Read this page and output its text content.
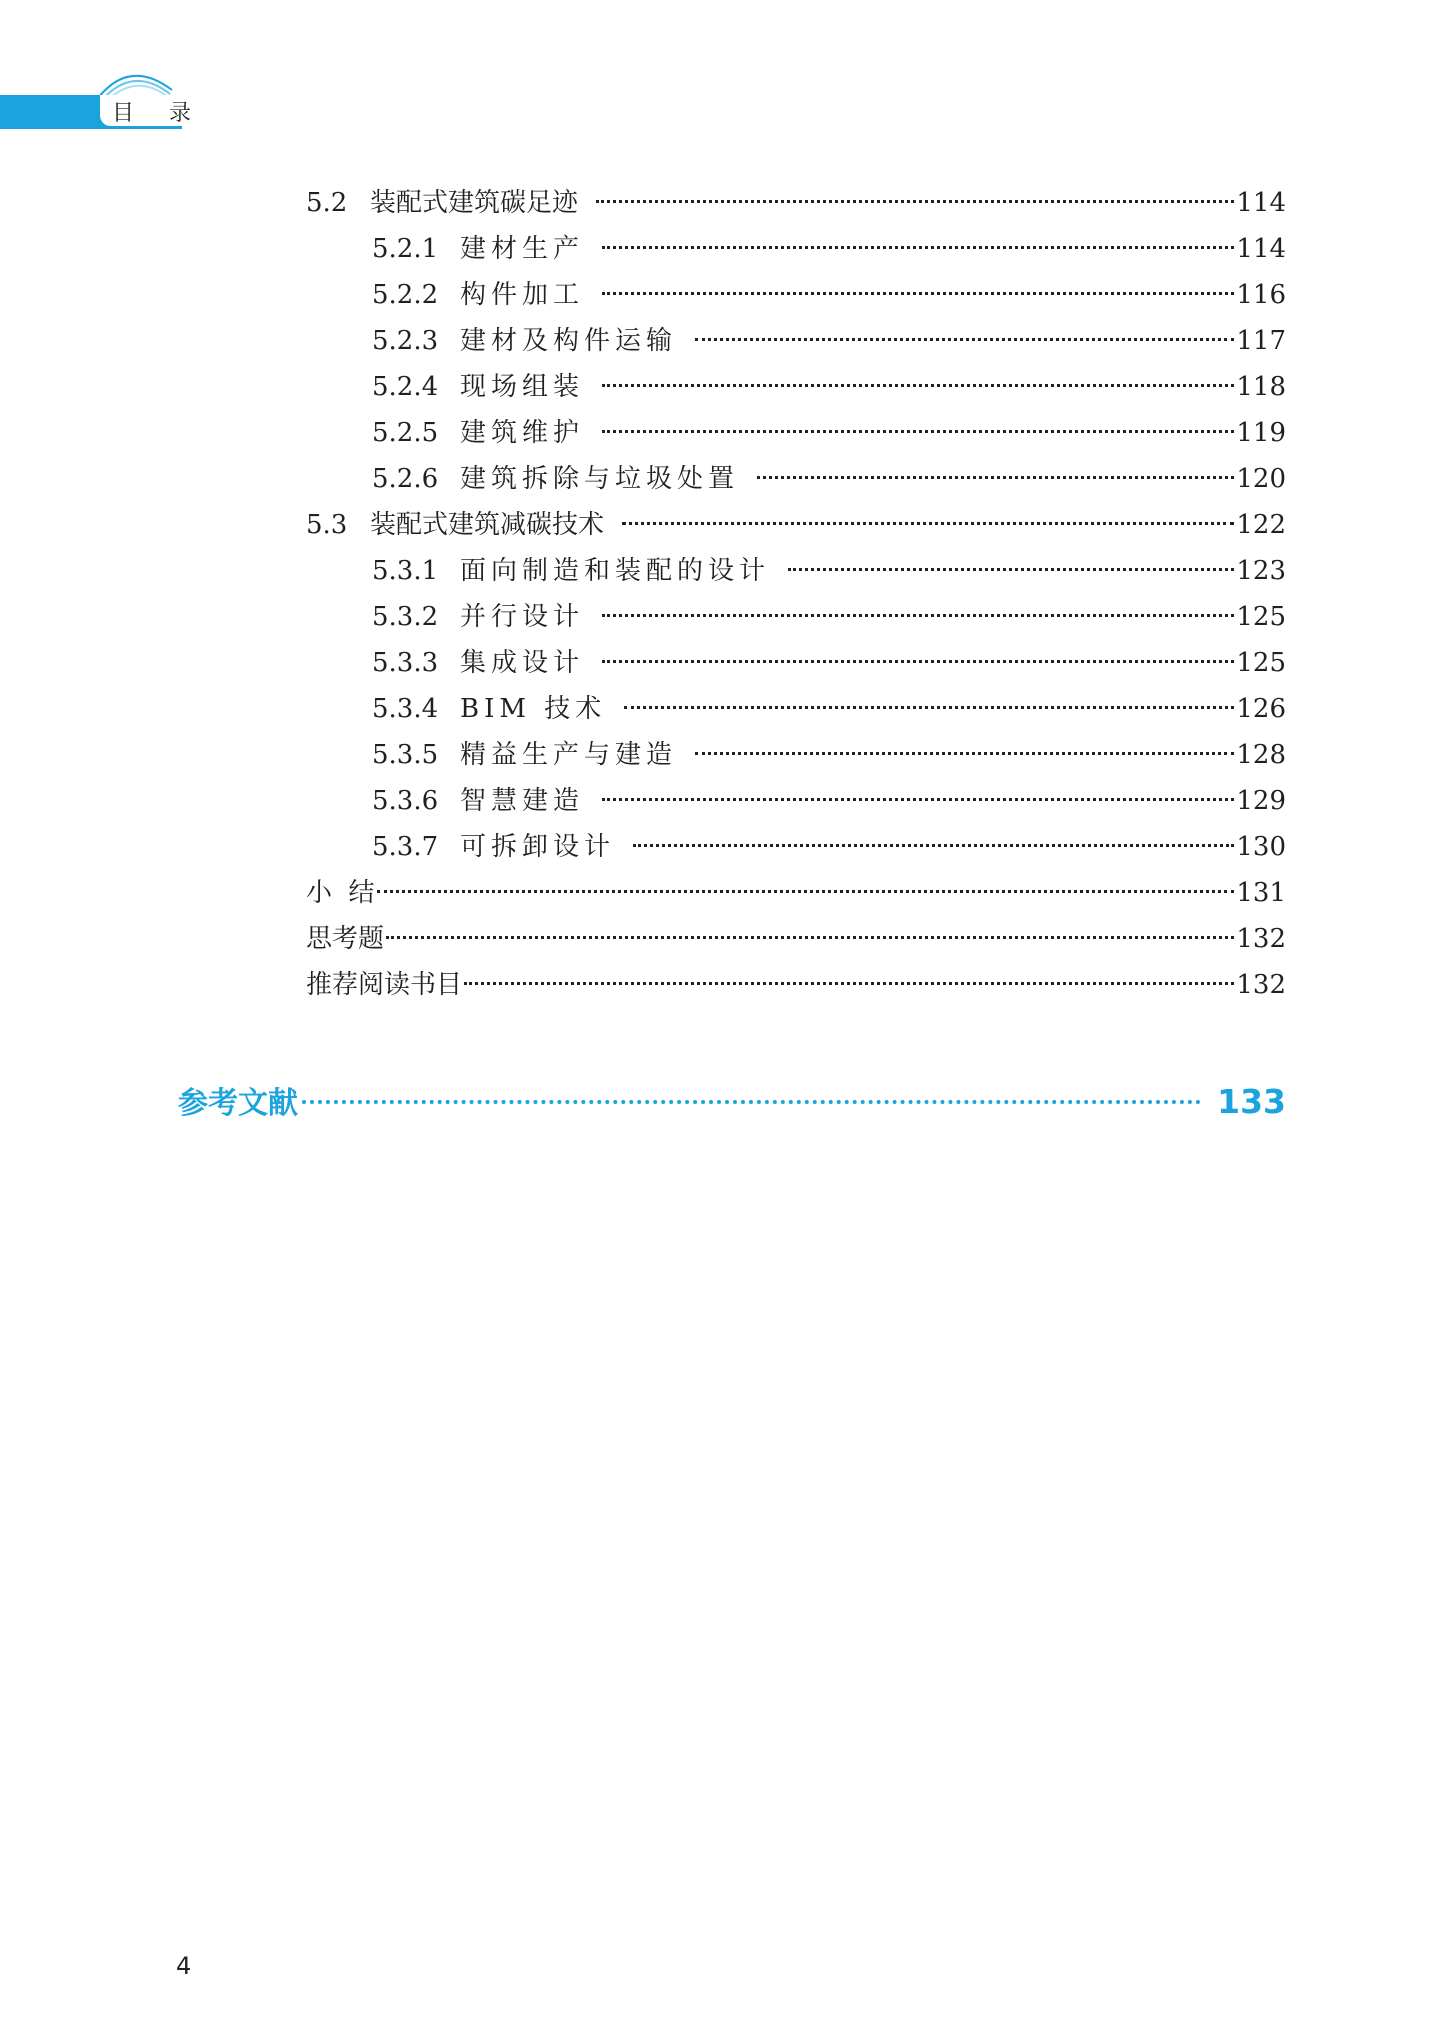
目 录
5.2 装配式建筑碳足迹	114
5.2.1 建材生产	114
5.2.2 构件加工	116
5.2.3 建材及构件运输	117
5.2.4 现场组装	118
5.2.5 建筑维护	119
5.2.6 建筑拆除与垃圾处置	120
5.3 装配式建筑减碳技术	122
5.3.1 面向制造和装配的设计	123
5.3.2 并行设计	125
5.3.3 集成设计	125
5.3.4 BIM 技术	126
5.3.5 精益生产与建造	128
5.3.6 智慧建造	129
5.3.7 可拆卸设计	130
小  结	131
思考题	132
推荐阅读书目	132
参考文献	133
4
